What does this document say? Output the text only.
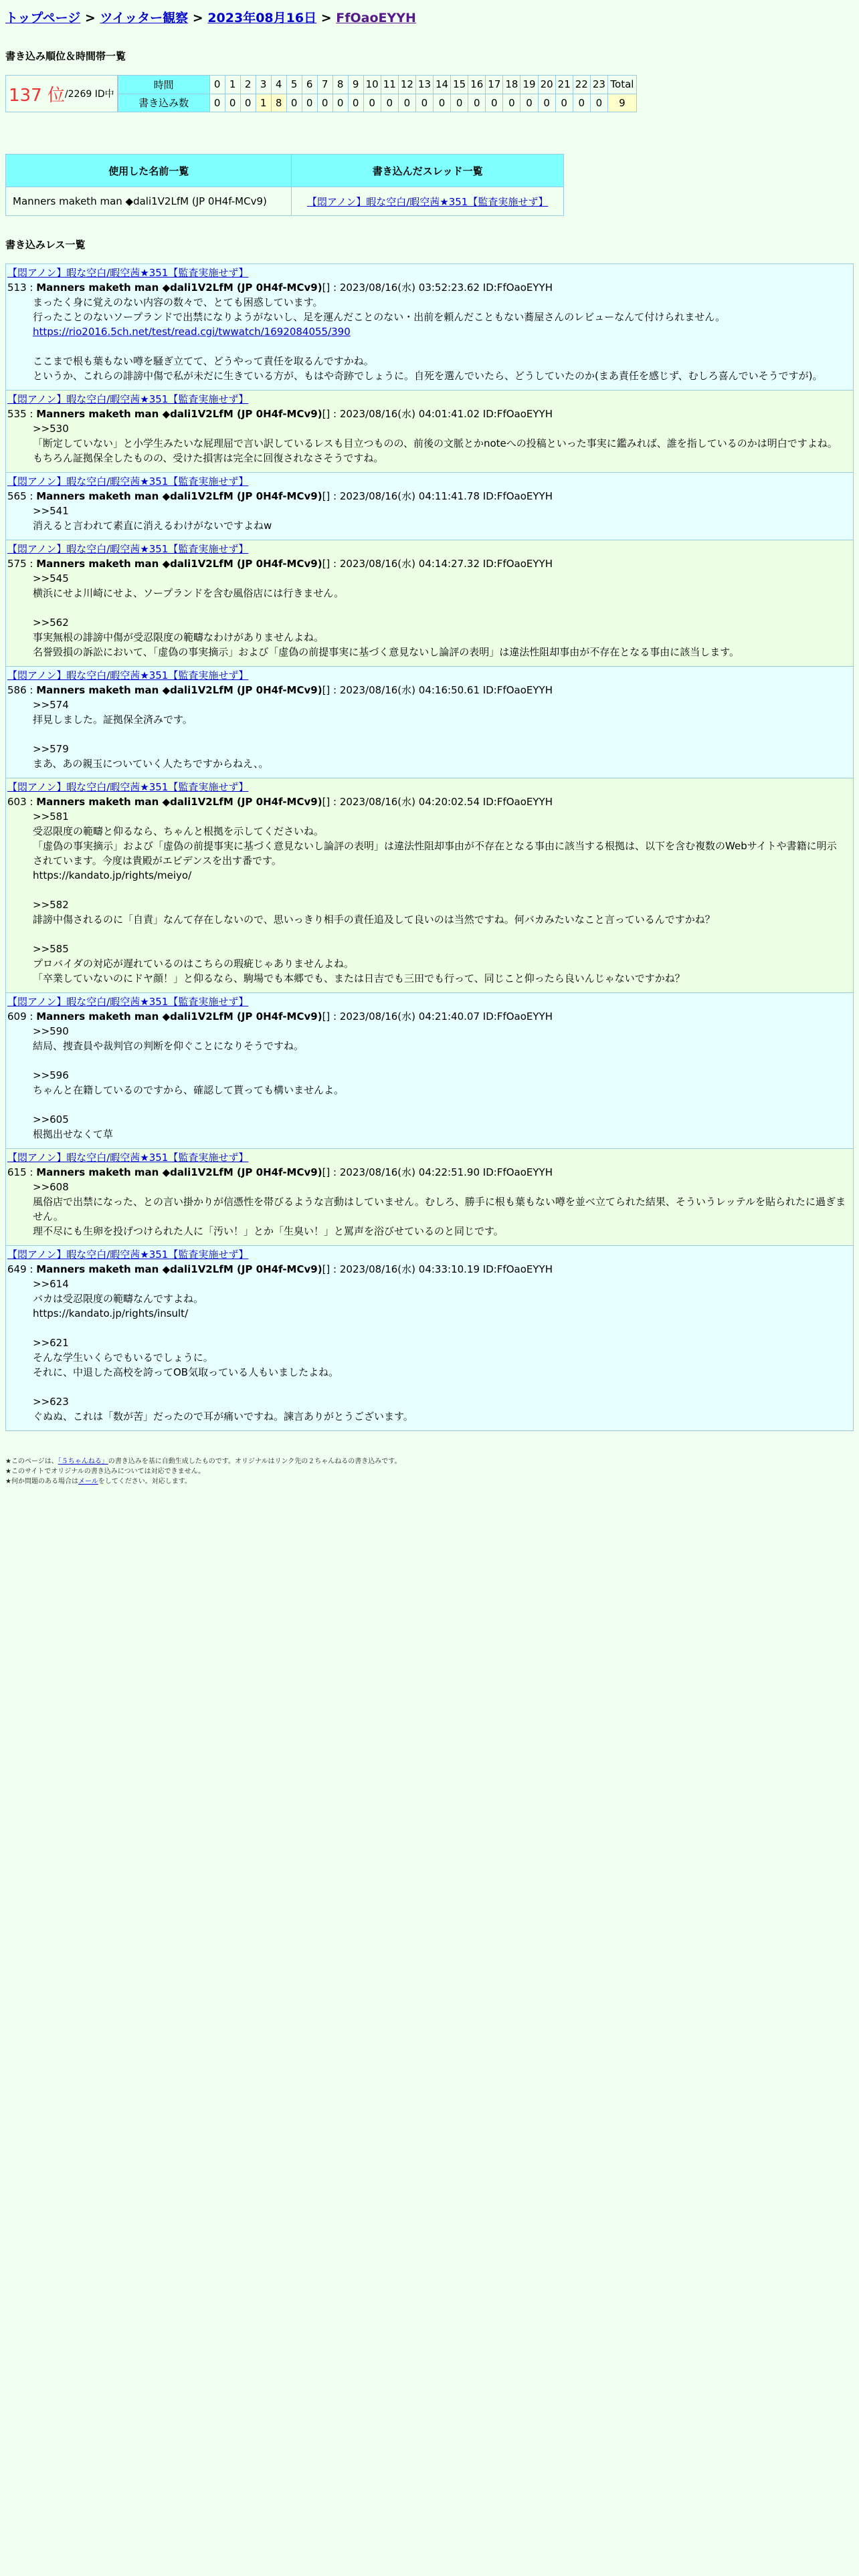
トップページ > ツイッター観察 > 2023年08月16日 > FfOaoEYYH
書き込み順位＆時間帯一覧
137 位 /2269 ID中
時間	0	1	2	3	4	5	6	7	8	9	10	11	12	13	14	15	16	17	18	19	20	21	22	23	Total
書き込み数	0	0	0	1	8	0	0	0	0	0	0	0	0	0	0	0	0	0	0	0	0	0	0	0	9
使用した名前一覧	書き込んだスレッド一覧
Manners maketh man ◆dali1V2LfM (JP 0H4f-MCv9)	【悶アノン】暇な空白/暇空茜★351【監査実施せず】
書き込みレス一覧
【悶アノン】暇な空白/暇空茜★351【監査実施せず】
513 : Manners maketh man ◆dali1V2LfM (JP 0H4f-MCv9)[] : 2023/08/16(水) 03:52:23.62 ID:FfOaoEYYH

まったく身に覚えのない内容の数々で、とても困惑しています。
行ったことのないソープランドで出禁になりようがないし、足を運んだことのない・出前を頼んだこともない蕎屋さんのレビューなんて付けられません。

https://rio2016.5ch.net/test/read.cgi/twwatch/1692084055/390

ここまで根も葉もない噂を騒ぎ立てて、どうやって責任を取るんですかね。
というか、これらの誹謗中傷で私が未だに生きている方が、もはや奇跡でしょうに。自死を選んでいたら、どうしていたのか(まあ責任を感じず、むしろ喜んでいそうですが)。

【悶アノン】暇な空白/暇空茜★351【監査実施せず】
535 : Manners maketh man ◆dali1V2LfM (JP 0H4f-MCv9)[] : 2023/08/16(水) 04:01:41.02 ID:FfOaoEYYH

>>530
「断定していない」と小学生みたいな屁理屈で言い訳しているレスも目立つものの、前後の文脈とかnoteへの投稿といった事実に鑑みれば、誰を指しているのかは明白ですよね。
もちろん証拠保全したものの、受けた損害は完全に回復されなさそうですね。

【悶アノン】暇な空白/暇空茜★351【監査実施せず】
565 : Manners maketh man ◆dali1V2LfM (JP 0H4f-MCv9)[] : 2023/08/16(水) 04:11:41.78 ID:FfOaoEYYH

>>541
消えると言われて素直に消えるわけがないですよねw

【悶アノン】暇な空白/暇空茜★351【監査実施せず】
575 : Manners maketh man ◆dali1V2LfM (JP 0H4f-MCv9)[] : 2023/08/16(水) 04:14:27.32 ID:FfOaoEYYH

>>545
横浜にせよ川崎にせよ、ソープランドを含む風俗店には行きません。

>>562
事実無根の誹謗中傷が受忍限度の範疇なわけがありませんよね。
名誉毀損の訴訟において、「虚偽の事実摘示」および「虚偽の前提事実に基づく意見ないし論評の表明」は違法性阻却事由が不存在となる事由に該当します。

【悶アノン】暇な空白/暇空茜★351【監査実施せず】
586 : Manners maketh man ◆dali1V2LfM (JP 0H4f-MCv9)[] : 2023/08/16(水) 04:16:50.61 ID:FfOaoEYYH

>>574
拝見しました。証拠保全済みです。

>>579
まあ、あの親玉についていく人たちですからねえ、。

【悶アノン】暇な空白/暇空茜★351【監査実施せず】
603 : Manners maketh man ◆dali1V2LfM (JP 0H4f-MCv9)[] : 2023/08/16(水) 04:20:02.54 ID:FfOaoEYYH

>>581
受忍限度の範疇と仰るなら、ちゃんと根拠を示してくださいね。
「虚偽の事実摘示」および「虚偽の前提事実に基づく意見ないし論評の表明」は違法性阻却事由が不存在となる事由に該当する根拠は、以下を含む複数のWebサイトや書籍に明示されています。今度は貴殿がエビデンスを出す番です。
https://kandato.jp/rights/meiyo/

>>582
誹謗中傷されるのに「自責」なんて存在しないので、思いっきり相手の責任追及して良いのは当然ですね。何バカみたいなこと言っているんですかね？

>>585
プロバイダの対応が遅れているのはこちらの瑕疵じゃありませんよね。
「卒業していないのにドヤ顔！」と仰るなら、駒場でも本郷でも、または日吉でも三田でも行って、同じこと仰ったら良いんじゃないですかね？

【悶アノン】暇な空白/暇空茜★351【監査実施せず】
609 : Manners maketh man ◆dali1V2LfM (JP 0H4f-MCv9)[] : 2023/08/16(水) 04:21:40.07 ID:FfOaoEYYH

>>590
結局、捜査員や裁判官の判断を仰ぐことになりそうですね。

>>596
ちゃんと在籍しているのですから、確認して貰っても構いませんよ。

>>605
根拠出せなくて草

【悶アノン】暇な空白/暇空茜★351【監査実施せず】
615 : Manners maketh man ◆dali1V2LfM (JP 0H4f-MCv9)[] : 2023/08/16(水) 04:22:51.90 ID:FfOaoEYYH

>>608
風俗店で出禁になった、との言い掛かりが信憑性を帯びるような言動はしていません。むしろ、勝手に根も葉もない噂を並べ立てられた結果、そういうレッテルを貼られたに過ぎません。
理不尽にも生卵を投げつけられた人に「汚い！」とか「生臭い！」と罵声を浴びせているのと同じです。

【悶アノン】暇な空白/暇空茜★351【監査実施せず】
649 : Manners maketh man ◆dali1V2LfM (JP 0H4f-MCv9)[] : 2023/08/16(水) 04:33:10.19 ID:FfOaoEYYH

>>614
バカは受忍限度の範疇なんですよね。
https://kandato.jp/rights/insult/

>>621
そんな学生いくらでもいるでしょうに。
それに、中退した高校を誇ってOB気取っている人もいましたよね。

>>623
ぐぬぬ、これは「数が苦」だったので耳が痛いですね。諫言ありがとうございます。

★このページは、「５ちゃんねる」の書き込みを基に自動生成したものです。オリジナルはリンク先の２ちゃんねるの書き込みです。
★このサイトでオリジナルの書き込みについては対応できません。
★何か問題のある場合はメールをしてください。対応します。
